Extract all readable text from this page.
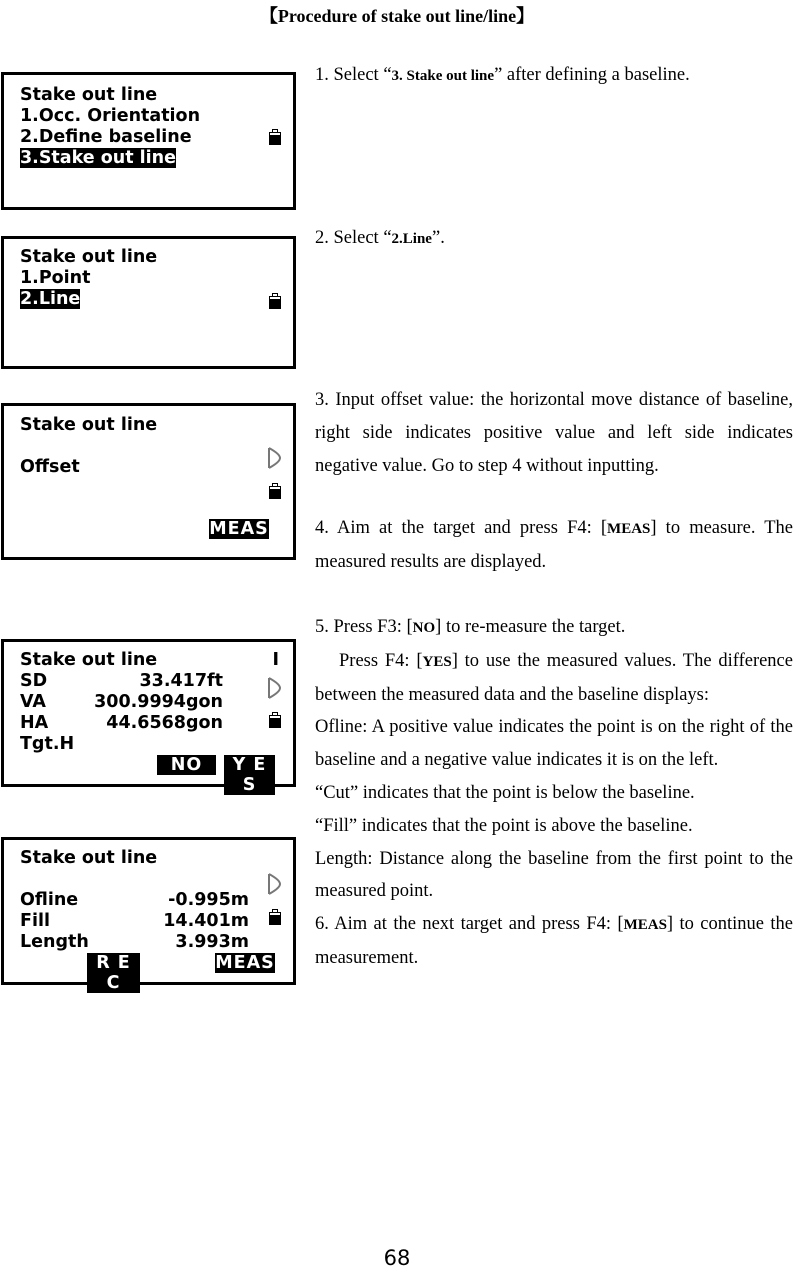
【Procedure of stake out line/line】
Stake out line
1.Occ. Orientation
2.Define baseline
3.Stake out line
Stake out line
1.Point
2.Line
Stake out line
Offset
MEAS
Stake out line	I
SD
VA
HA
Tgt.H
33.417ft
300.9994gon
44.6568gon
NO	Y E S
Stake out line
Ofline
Fill
Length
-0.995m
14.401m
3.993m
R E C
MEAS
1. Select “3. Stake out line” after defining a baseline.
2. Select “2.Line”.
3. Input offset value: the horizontal move distance of baseline, right side indicates positive value and left side indicates negative value. Go to step 4 without inputting.
4. Aim at the target and press F4: [MEAS] to measure. The measured results are displayed.
5. Press F3: [NO] to re-measure the target.
Press F4: [YES] to use the measured values. The difference between the measured data and the baseline displays:
Ofline: A positive value indicates the point is on the right of the baseline and a negative value indicates it is on the left.
“Cut” indicates that the point is below the baseline.
“Fill” indicates that the point is above the baseline.
Length: Distance along the baseline from the first point to the measured point.
6. Aim at the next target and press F4: [MEAS] to continue the measurement.
68
